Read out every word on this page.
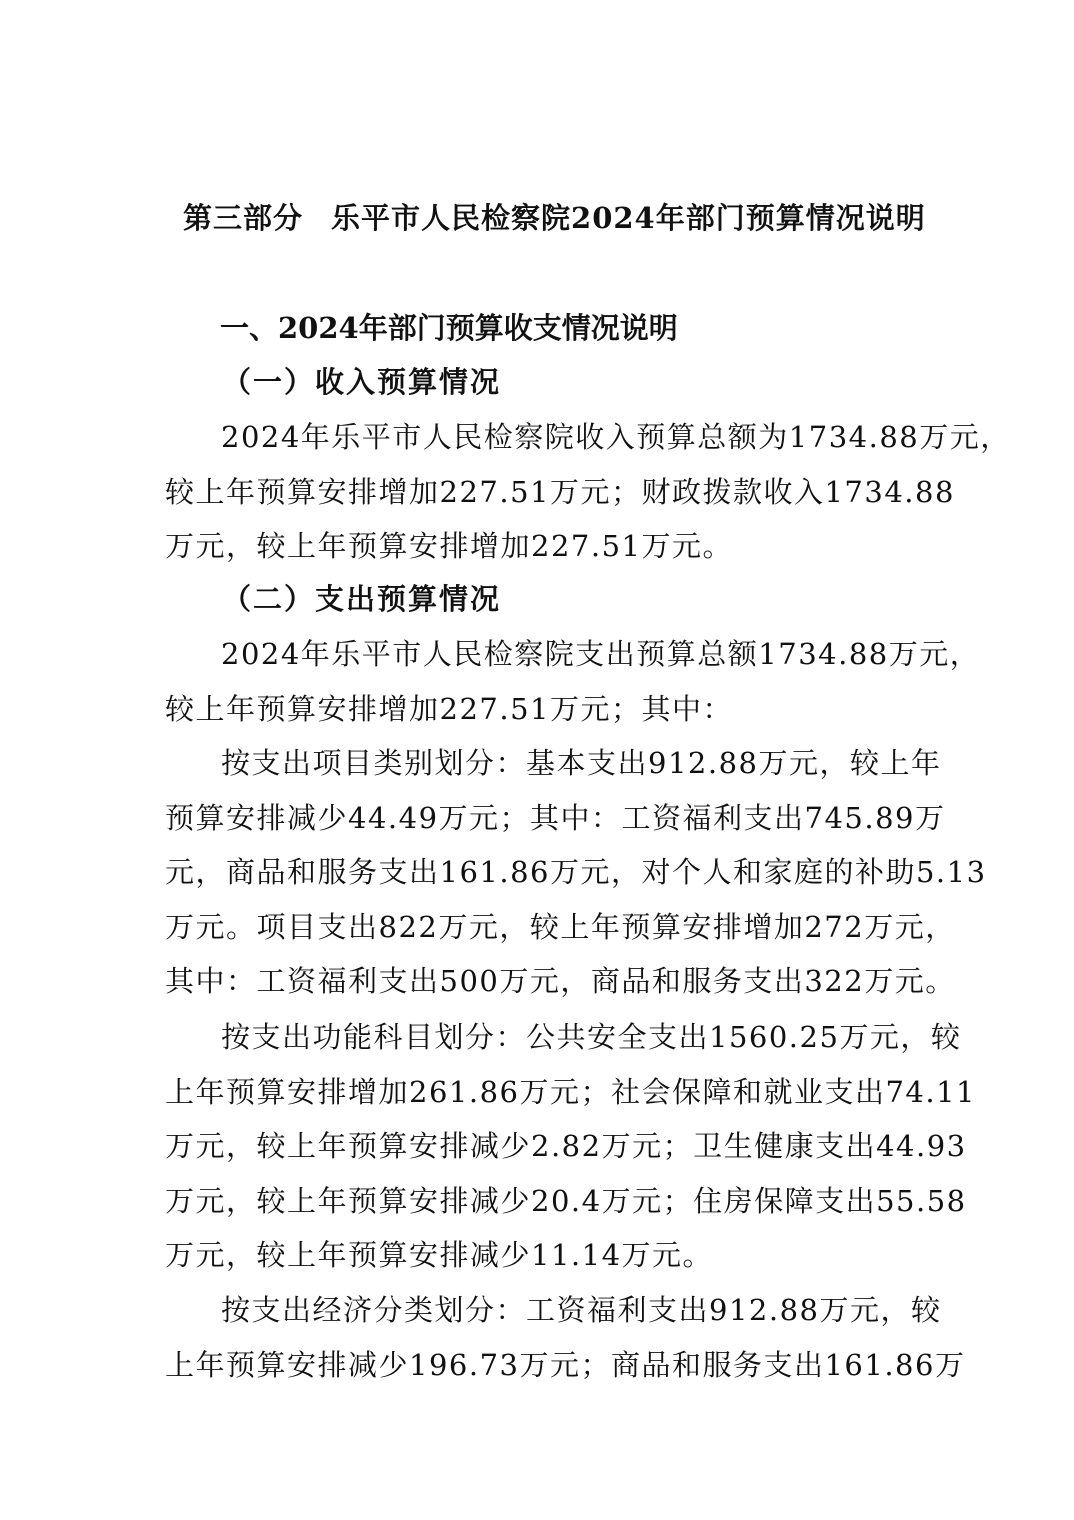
第三部分 乐平市人民检察院2024年部门预算情况说明
一、2024年部门预算收支情况说明
（一）收入预算情况
2024年乐平市人民检察院收入预算总额为1734.88万元，
较上年预算安排增加227.51万元；财政拨款收入1734.88
万元，较上年预算安排增加227.51万元。
（二）支出预算情况
2024年乐平市人民检察院支出预算总额1734.88万元，
较上年预算安排增加227.51万元；其中：
按支出项目类别划分：基本支出912.88万元，较上年
预算安排减少44.49万元；其中：工资福利支出745.89万
元，商品和服务支出161.86万元，对个人和家庭的补助5.13
万元。项目支出822万元，较上年预算安排增加272万元，
其中：工资福利支出500万元，商品和服务支出322万元。
按支出功能科目划分：公共安全支出1560.25万元，较
上年预算安排增加261.86万元；社会保障和就业支出74.11
万元，较上年预算安排减少2.82万元；卫生健康支出44.93
万元，较上年预算安排减少20.4万元；住房保障支出55.58
万元，较上年预算安排减少11.14万元。
按支出经济分类划分：工资福利支出912.88万元，较
上年预算安排减少196.73万元；商品和服务支出161.86万
